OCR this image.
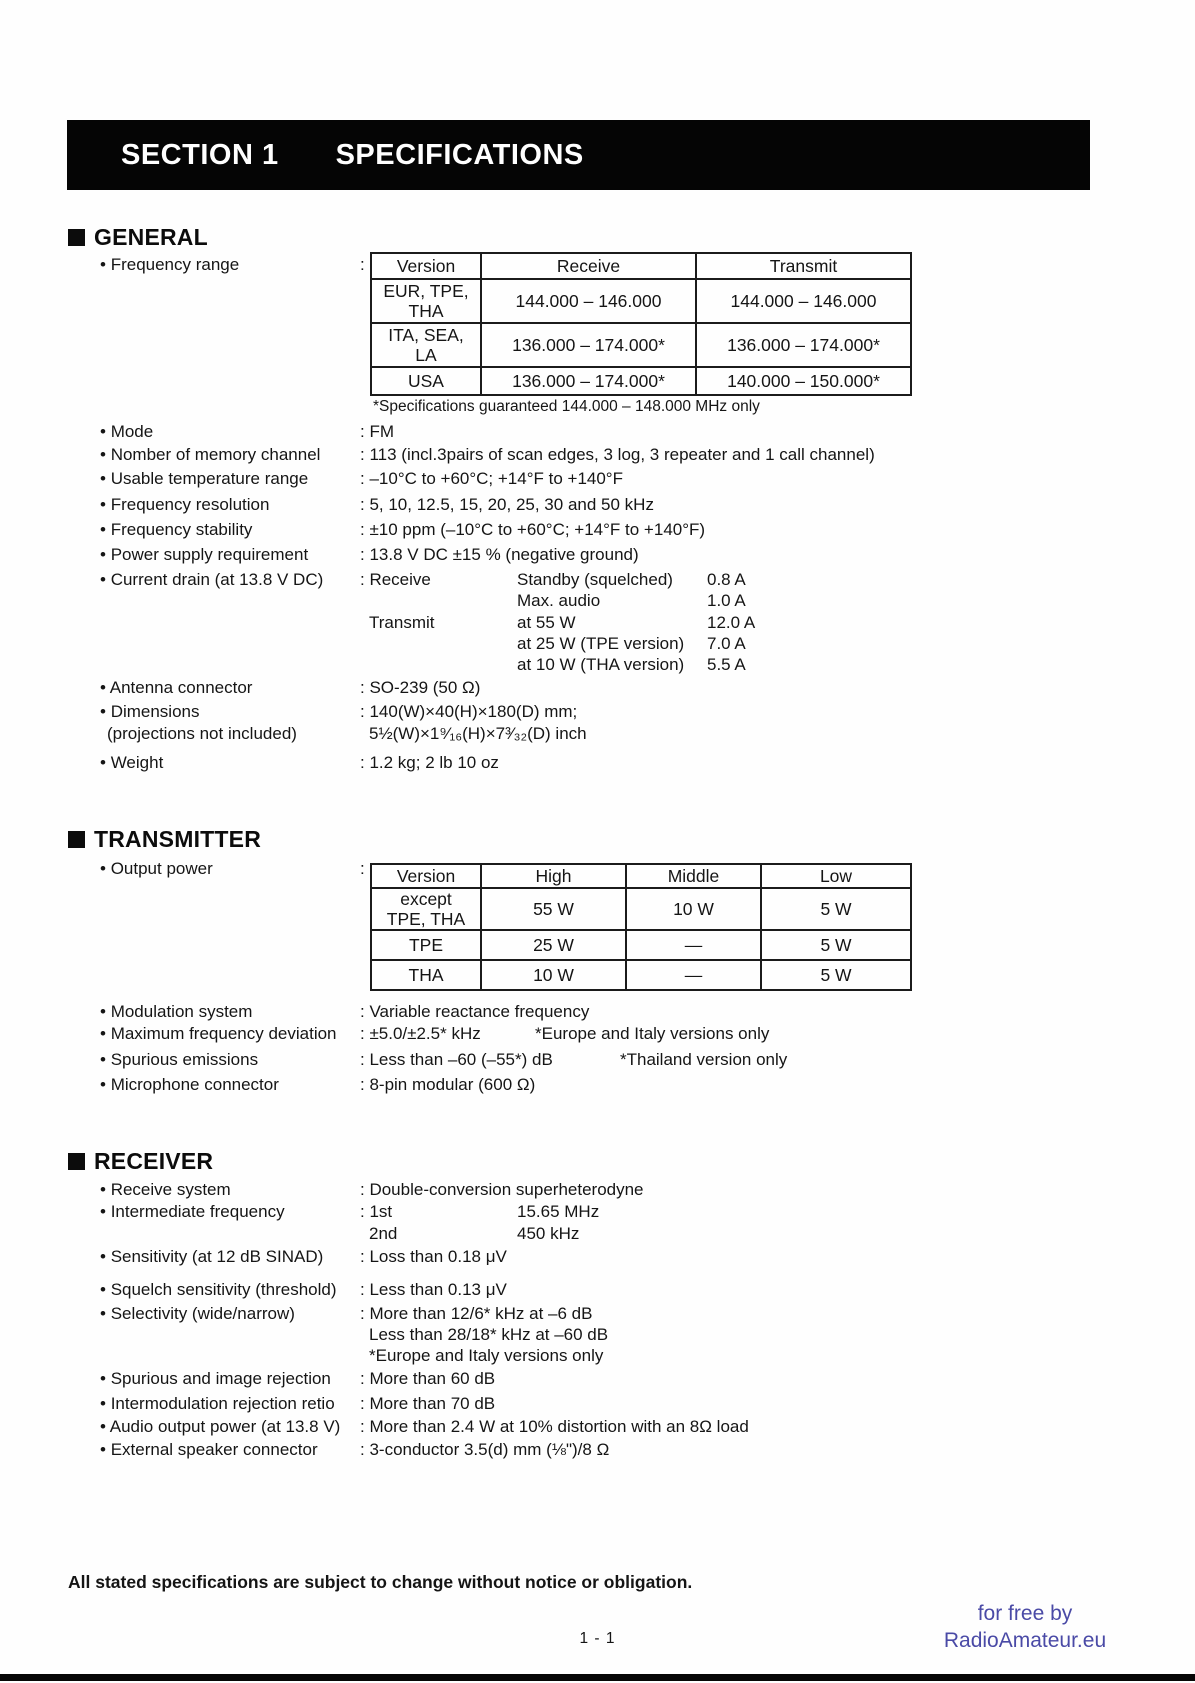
SECTION 1 SPECIFICATIONS
GENERAL
• Frequency range :	Version	Receive	Transmit

EUR, TPE,
THA	144.000 – 146.000	144.000 – 146.000

ITA, SEA,
LA	136.000 – 174.000*	136.000 – 174.000*
USA	136.000 – 174.000*	140.000 – 150.000*
*Specifications guaranteed 144.000 – 148.000 MHz only
• Mode	: FM
• Nomber of memory channel	: 113 (incl.3pairs of scan edges, 3 log, 3 repeater and 1 call channel)
• Usable temperature range	: –10°C to +60°C; +14°F to +140°F
• Frequency resolution	: 5, 10, 12.5, 15, 20, 25, 30 and 50 kHz
• Frequency stability	: ±10 ppm (–10°C to +60°C; +14°F to +140°F)
• Power supply requirement	: 13.8 V DC ±15 % (negative ground)
• Current drain (at 13.8 V DC)	: Receive	Standby (squelched)	0.8 A
Max. audio	1.0 A
Transmit	at 55 W	12.0 A
at 25 W (TPE version)	7.0 A
at 10 W (THA version)	5.5 A
• Antenna connector	: SO-239 (50 Ω)
• Dimensions
(projections not included)
: 140(W)×40(H)×180(D) mm;
5½(W)×1⁹⁄₁₆(H)×7³⁄₃₂(D) inch
• Weight	: 1.2 kg; 2 lb 10 oz
TRANSMITTER
• Output power :	Version	High	Middle	Low

except
TPE, THA	55 W	10 W	5 W
TPE	25 W	—	5 W
THA	10 W	—	5 W
• Modulation system	: Variable reactance frequency
• Maximum frequency deviation	: ±5.0/±2.5* kHz	*Europe and Italy versions only
• Spurious emissions	: Less than –60 (–55*) dB	*Thailand version only
• Microphone connector	: 8-pin modular (600 Ω)
RECEIVER
• Receive system	: Double-conversion superheterodyne
• Intermediate frequency	: 1st	15.65 MHz
2nd	450 kHz
• Sensitivity (at 12 dB SINAD)	: Loss than 0.18 μV
• Squelch sensitivity (threshold)	: Less than 0.13 μV
• Selectivity (wide/narrow)	: More than 12/6* kHz at –6 dB
Less than 28/18* kHz at –60 dB
*Europe and Italy versions only
• Spurious and image rejection	: More than 60 dB
• Intermodulation rejection retio	: More than 70 dB
• Audio output power (at 13.8 V)	: More than 2.4 W at 10% distortion with an 8Ω load
• External speaker connector	: 3-conductor 3.5(d) mm (⅛")/8 Ω
All stated specifications are subject to change without notice or obligation.
for free by
RadioAmateur.eu
1 - 1
